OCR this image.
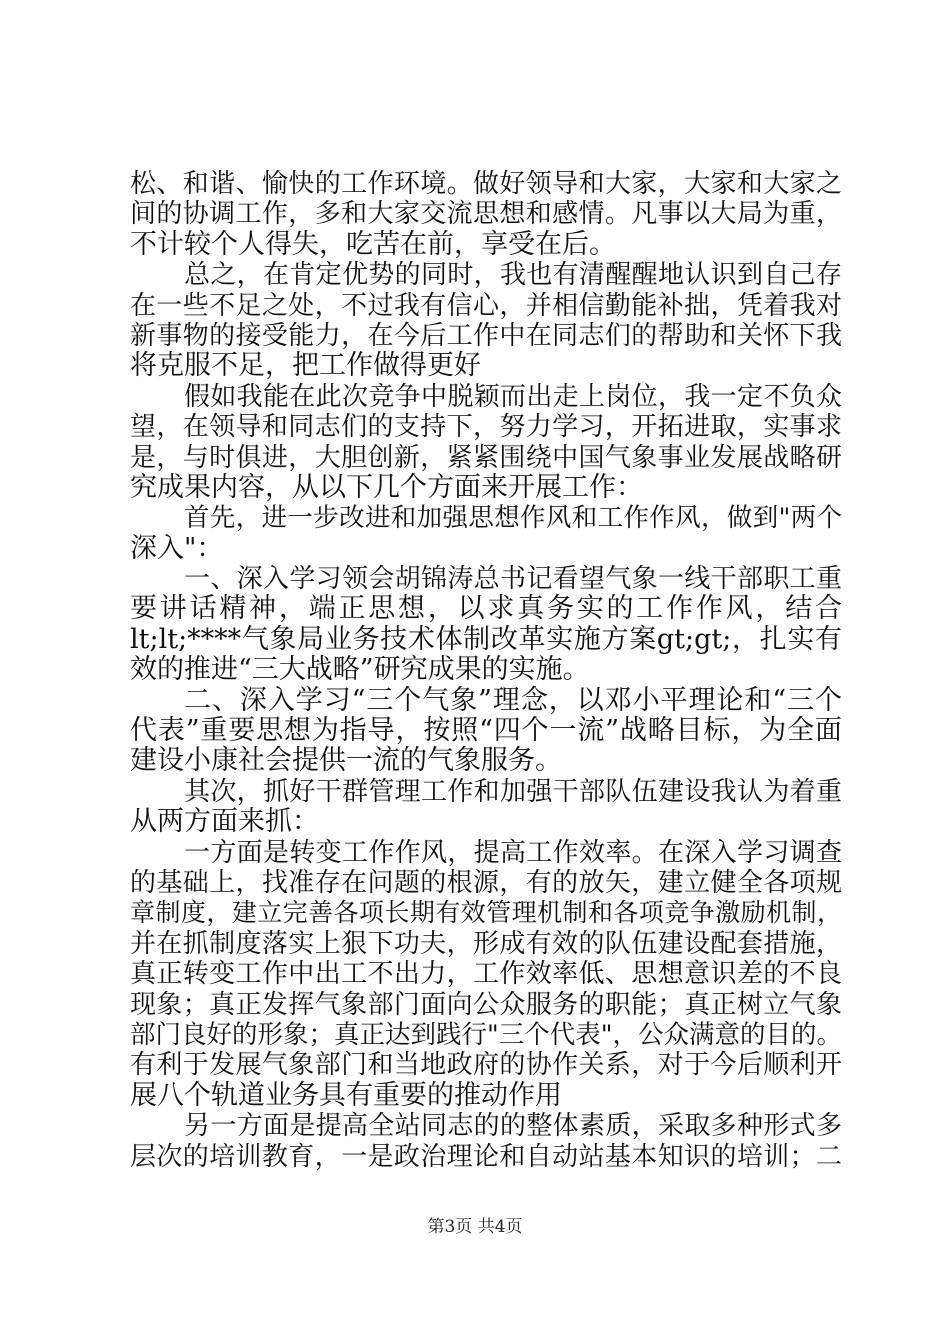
松、和谐、愉快的工作环境。做好领导和大家，大家和大家之

间的协调工作，多和大家交流思想和感情。凡事以大局为重，

不计较个人得失，吃苦在前，享受在后。

总之，在肯定优势的同时，我也有清醒醒地认识到自己存

在一些不足之处，不过我有信心，并相信勤能补拙，凭着我对

新事物的接受能力，在今后工作中在同志们的帮助和关怀下我

将克服不足，把工作做得更好

假如我能在此次竞争中脱颖而出走上岗位，我一定不负众

望，在领导和同志们的支持下，努力学习，开拓进取，实事求

是，与时俱进，大胆创新，紧紧围绕中国气象事业发展战略研

究成果内容，从以下几个方面来开展工作：

首先，进一步改进和加强思想作风和工作作风，做到"两个

深入"：

一、深入学习领会胡锦涛总书记看望气象一线干部职工重

要讲话精神，端正思想，以求真务实的工作作风，结合

lt;lt;****气象局业务技术体制改革实施方案gt;gt;，扎实有

效的推进“三大战略”研究成果的实施。

二、深入学习“三个气象”理念，以邓小平理论和“三个

代表”重要思想为指导，按照“四个一流”战略目标，为全面

建设小康社会提供一流的气象服务。

其次，抓好干群管理工作和加强干部队伍建设我认为着重

从两方面来抓：

一方面是转变工作作风，提高工作效率。在深入学习调查

的基础上，找准存在问题的根源，有的放矢，建立健全各项规

章制度，建立完善各项长期有效管理机制和各项竞争激励机制，

并在抓制度落实上狠下功夫，形成有效的队伍建设配套措施，

真正转变工作中出工不出力，工作效率低、思想意识差的不良

现象；真正发挥气象部门面向公众服务的职能；真正树立气象

部门良好的形象；真正达到践行"三个代表"，公众满意的目的。

有利于发展气象部门和当地政府的协作关系，对于今后顺利开

展八个轨道业务具有重要的推动作用

另一方面是提高全站同志的的整体素质，采取多种形式多

层次的培训教育，一是政治理论和自动站基本知识的培训；二

第3页 共4页
